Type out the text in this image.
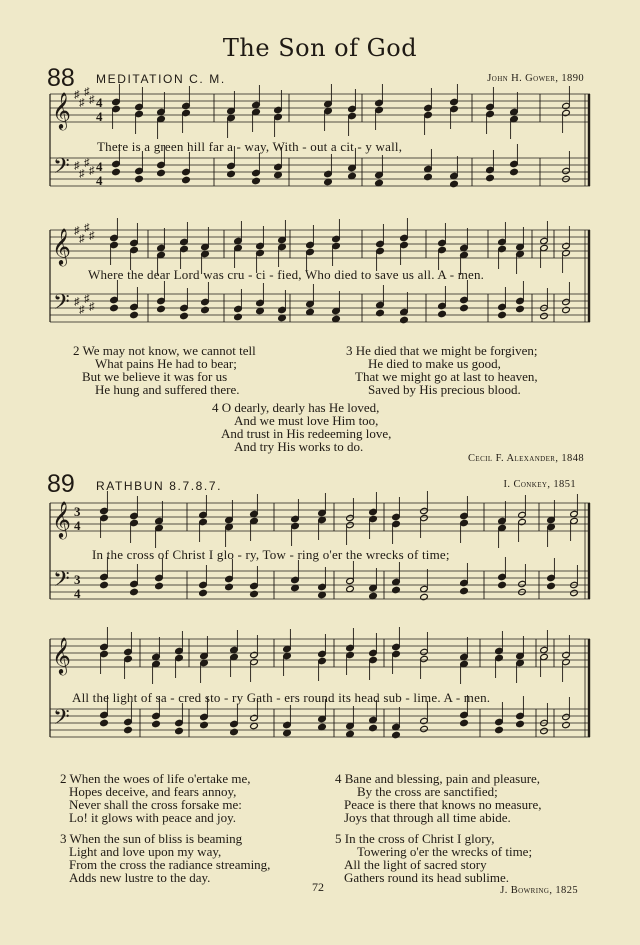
The Son of God
88 MEDITATION C. M.	John H. Gower, 1890
𝄞
𝄢
♯
♯
♯
♯
♯
♯
♯
♯
4
4
4
4
There is a green hill far a - way, With - out a cit - y wall,
𝄞
𝄢
♯
♯
♯
♯
♯
♯
♯
♯
Where the dear Lord was cru - ci - fied, Who died to save us all. A - men.
2 We may not know, we cannot tell
What pains He had to bear;
But we believe it was for us
He hung and suffered there.
3 He died that we might be forgiven;
He died to make us good,
That we might go at last to heaven,
Saved by His precious blood.
4 O dearly, dearly has He loved,
And we must love Him too,
And trust in His redeeming love,
And try His works to do.
Cecil F. Alexander, 1848
89 RATHBUN 8.7.8.7.	I. Conkey, 1851
𝄞
𝄢
3
4
3
4
In the cross of Christ I glo - ry, Tow - ring o'er the wrecks of time;
𝄞
𝄢
All the light of sa - cred sto - ry Gath - ers round its head sub - lime. A - men.
2 When the woes of life o'ertake me,
Hopes deceive, and fears annoy,
Never shall the cross forsake me:
Lo! it glows with peace and joy.
3 When the sun of bliss is beaming
Light and love upon my way,
From the cross the radiance streaming,
Adds new lustre to the day.
4 Bane and blessing, pain and pleasure,
By the cross are sanctified;
Peace is there that knows no measure,
Joys that through all time abide.
5 In the cross of Christ I glory,
Towering o'er the wrecks of time;
All the light of sacred story
Gathers round its head sublime.
72	J. Bowring, 1825
